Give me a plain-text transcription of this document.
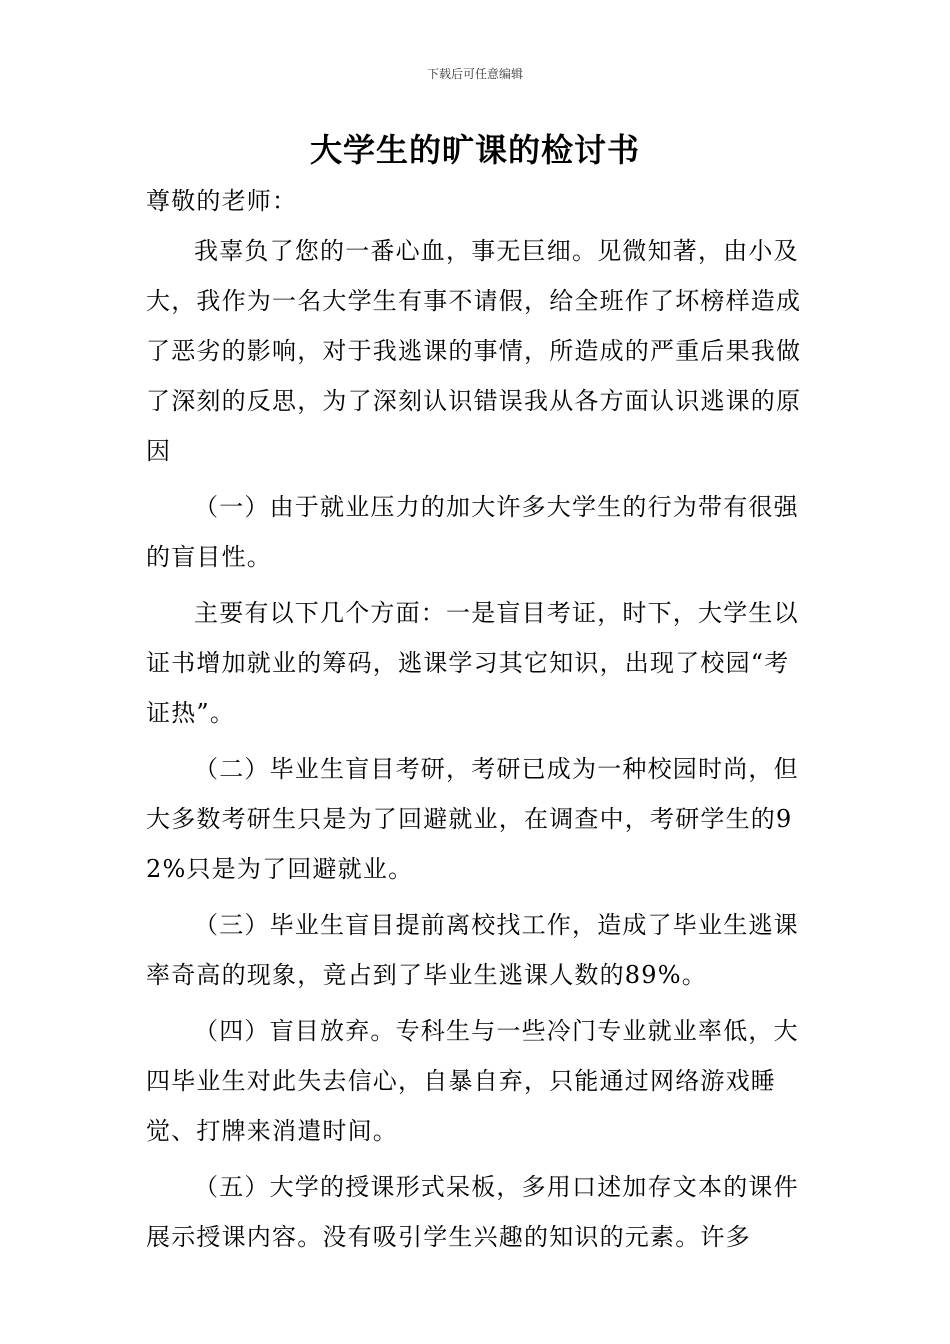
下载后可任意编辑
大学生的旷课的检讨书

尊敬的老师：

我辜负了您的一番心血，事无巨细。见微知著，由小及大，我作为一名大学生有事不请假，给全班作了坏榜样造成了恶劣的影响，对于我逃课的事情，所造成的严重后果我做了深刻的反思，为了深刻认识错误我从各方面认识逃课的原因

（一）由于就业压力的加大许多大学生的行为带有很强的盲目性。

主要有以下几个方面：一是盲目考证，时下，大学生以证书增加就业的筹码，逃课学习其它知识，出现了校园“考证热”。

（二）毕业生盲目考研，考研已成为一种校园时尚，但大多数考研生只是为了回避就业，在调查中，考研学生的92%只是为了回避就业。

（三）毕业生盲目提前离校找工作，造成了毕业生逃课率奇高的现象，竟占到了毕业生逃课人数的89%。

（四）盲目放弃。专科生与一些冷门专业就业率低，大四毕业生对此失去信心，自暴自弃，只能通过网络游戏睡觉、打牌来消遣时间。

（五）大学的授课形式呆板，多用口述加存文本的课件展示授课内容。没有吸引学生兴趣的知识的元素。许多
